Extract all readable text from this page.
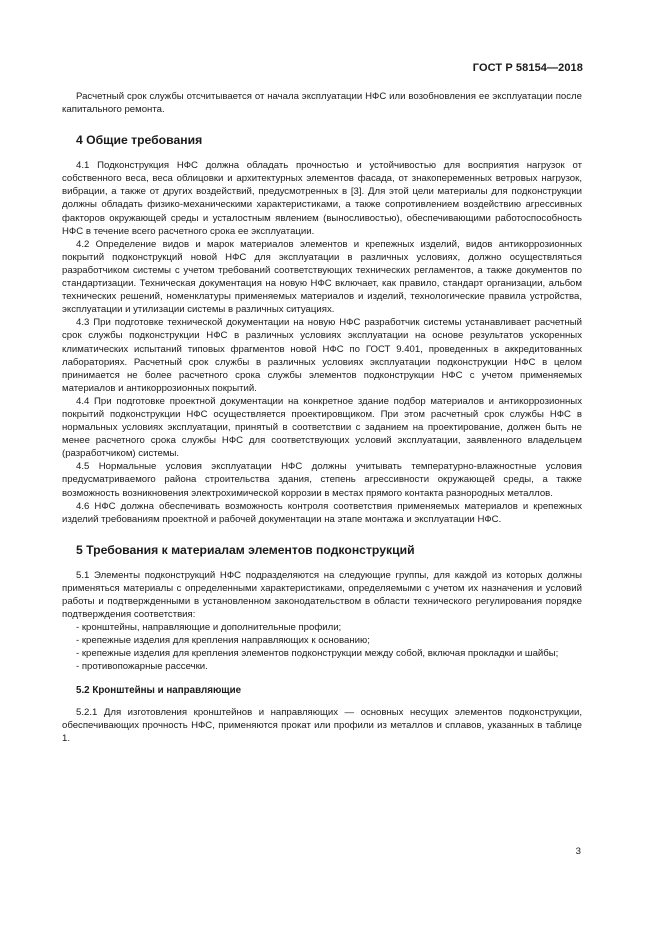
ГОСТ Р 58154—2018

Расчетный срок службы отсчитывается от начала эксплуатации НФС или возобновления ее эксплуатации после капитального ремонта.

4 Общие требования

4.1 Подконструкция НФС должна обладать прочностью и устойчивостью для восприятия нагрузок от собственного веса, веса облицовки и архитектурных элементов фасада, от знакопеременных ветровых нагрузок, вибрации, а также от других воздействий, предусмотренных в [3]. Для этой цели материалы для подконструкции должны обладать физико-механическими характеристиками, а также сопротивлением воздействию агрессивных факторов окружающей среды и усталостным явлением (выносливостью), обеспечивающими работоспособность НФС в течение всего расчетного срока ее эксплуатации.

4.2 Определение видов и марок материалов элементов и крепежных изделий, видов антикоррозионных покрытий подконструкций новой НФС для эксплуатации в различных условиях, должно осуществляться разработчиком системы с учетом требований соответствующих технических регламентов, а также документов по стандартизации. Техническая документация на новую НФС включает, как правило, стандарт организации, альбом технических решений, номенклатуры применяемых материалов и изделий, технологические правила устройства, эксплуатации и утилизации системы в различных ситуациях.

4.3 При подготовке технической документации на новую НФС разработчик системы устанавливает расчетный срок службы подконструкции НФС в различных условиях эксплуатации на основе результатов ускоренных климатических испытаний типовых фрагментов новой НФС по ГОСТ 9.401, проведенных в аккредитованных лабораториях. Расчетный срок службы в различных условиях эксплуатации подконструкции НФС в целом принимается не более расчетного срока службы элементов подконструкции НФС с учетом применяемых материалов и антикоррозионных покрытий.

4.4 При подготовке проектной документации на конкретное здание подбор материалов и антикоррозионных покрытий подконструкции НФС осуществляется проектировщиком. При этом расчетный срок службы НФС в нормальных условиях эксплуатации, принятый в соответствии с заданием на проектирование, должен быть не менее расчетного срока службы НФС для соответствующих условий эксплуатации, заявленного владельцем (разработчиком) системы.

4.5 Нормальные условия эксплуатации НФС должны учитывать температурно-влажностные условия предусматриваемого района строительства здания, степень агрессивности окружающей среды, а также возможность возникновения электрохимической коррозии в местах прямого контакта разнородных металлов.

4.6 НФС должна обеспечивать возможность контроля соответствия применяемых материалов и крепежных изделий требованиям проектной и рабочей документации на этапе монтажа и эксплуатации НФС.

5 Требования к материалам элементов подконструкций

5.1 Элементы подконструкций НФС подразделяются на следующие группы, для каждой из которых должны применяться материалы с определенными характеристиками, определяемыми с учетом их назначения и условий работы и подтвержденными в установленном законодательством в области технического регулирования порядке подтверждения соответствия:

- кронштейны, направляющие и дополнительные профили;
- крепежные изделия для крепления направляющих к основанию;
- крепежные изделия для крепления элементов подконструкции между собой, включая прокладки и шайбы;
- противопожарные рассечки.
5.2 Кронштейны и направляющие

5.2.1 Для изготовления кронштейнов и направляющих — основных несущих элементов подконструкции, обеспечивающих прочность НФС, применяются прокат или профили из металлов и сплавов, указанных в таблице 1.

3
